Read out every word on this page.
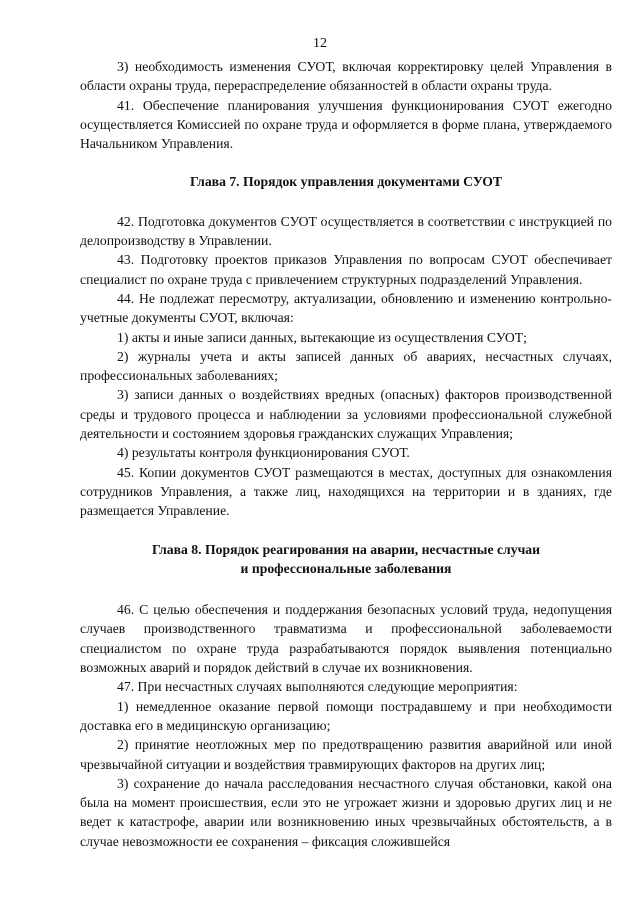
12

3) необходимость изменения СУОТ, включая корректировку целей Управления в области охраны труда, перераспределение обязанностей в области охраны труда.

41. Обеспечение планирования улучшения функционирования СУОТ ежегодно осуществляется Комиссией по охране труда и оформляется в форме плана, утверждаемого Начальником Управления.

Глава 7. Порядок управления документами СУОТ

42. Подготовка документов СУОТ осуществляется в соответствии с инструкцией по делопроизводству в Управлении.

43. Подготовку проектов приказов Управления по вопросам СУОТ обеспечивает специалист по охране труда с привлечением структурных подразделений Управления.

44. Не подлежат пересмотру, актуализации, обновлению и изменению контрольно-учетные документы СУОТ, включая:

1) акты и иные записи данных, вытекающие из осуществления СУОТ;

2) журналы учета и акты записей данных об авариях, несчастных случаях, профессиональных заболеваниях;

3) записи данных о воздействиях вредных (опасных) факторов производственной среды и трудового процесса и наблюдении за условиями профессиональной служебной деятельности и состоянием здоровья гражданских служащих Управления;

4) результаты контроля функционирования СУОТ.

45. Копии документов СУОТ размещаются в местах, доступных для ознакомления сотрудников Управления, а также лиц, находящихся на территории и в зданиях, где размещается Управление.

Глава 8. Порядок реагирования на аварии, несчастные случаи
и профессиональные заболевания

46. С целью обеспечения и поддержания безопасных условий труда, недопущения случаев производственного травматизма и профессиональной заболеваемости специалистом по охране труда разрабатываются порядок выявления потенциально возможных аварий и порядок действий в случае их возникновения.

47. При несчастных случаях выполняются следующие мероприятия:

1) немедленное оказание первой помощи пострадавшему и при необходимости доставка его в медицинскую организацию;

2) принятие неотложных мер по предотвращению развития аварийной или иной чрезвычайной ситуации и воздействия травмирующих факторов на других лиц;

3) сохранение до начала расследования несчастного случая обстановки, какой она была на момент происшествия, если это не угрожает жизни и здоровью других лиц и не ведет к катастрофе, аварии или возникновению иных чрезвычайных обстоятельств, а в случае невозможности ее сохранения – фиксация сложившейся
